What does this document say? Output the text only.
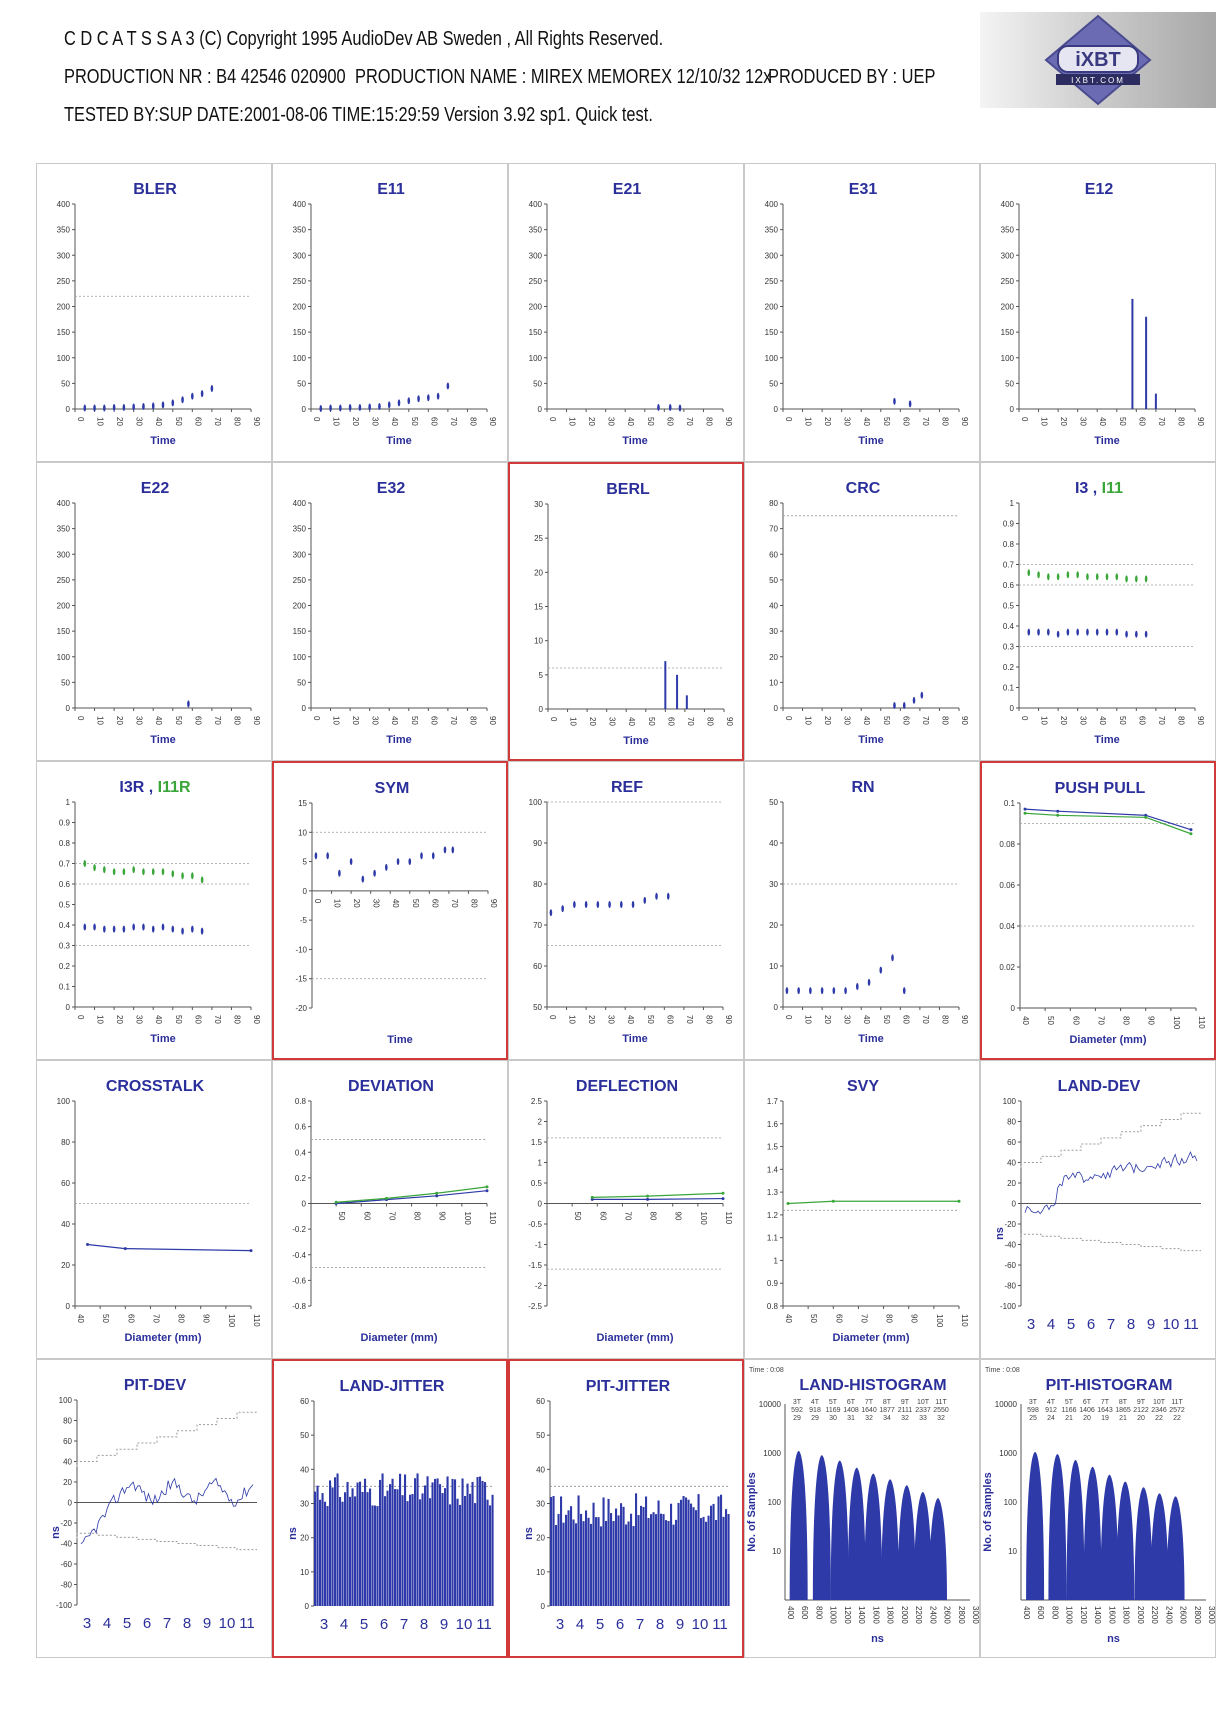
C D C A T S S A 3 (C) Copyright 1995 AudioDev AB Sweden , All Rights Reserved.
PRODUCTION NR : B4 42546 020900 PRODUCTION NAME : MIREX MEMOREX 12/10/32 12x
PRODUCED BY : UEP
TESTED BY:SUP DATE:2001-08-06 TIME:15:29:59 Version 3.92 sp1. Quick test.
iXBT
IXBT.COM
BLER
0
50
100
150
200
250
300
350
400
0 10 20 30 40 50 60 70 80 90
Time
E11
0
50
100
150
200
250
300
350
400
0 10 20 30 40 50 60 70 80 90
Time
E21
0
50
100
150
200
250
300
350
400
0 10 20 30 40 50 60 70 80 90
Time
E31
0
50
100
150
200
250
300
350
400
0 10 20 30 40 50 60 70 80 90
Time
E12
0
50
100
150
200
250
300
350
400
0 10 20 30 40 50 60 70 80 90
Time
E22
0
50
100
150
200
250
300
350
400
0 10 20 30 40 50 60 70 80 90
Time
E32
0
50
100
150
200
250
300
350
400
0 10 20 30 40 50 60 70 80 90
Time
BERL
0
5
10
15
20
25
30
0 10 20 30 40 50 60 70 80 90
Time
CRC
0
10
20
30
40
50
60
70
80
0 10 20 30 40 50 60 70 80 90
Time
I3 , I11
0
0.1
0.2
0.3
0.4
0.5
0.6
0.7
0.8
0.9
1
0 10 20 30 40 50 60 70 80 90
Time
I3R , I11R
0
0.1
0.2
0.3
0.4
0.5
0.6
0.7
0.8
0.9
1
0 10 20 30 40 50 60 70 80 90
Time
SYM
-20
-15
-10
-5
0
5
10
15
0 10 20 30 40 50 60 70 80 90
Time
REF
50
60
70
80
90
100
0 10 20 30 40 50 60 70 80 90
Time
RN
0
10
20
30
40
50
0 10 20 30 40 50 60 70 80 90
Time
PUSH PULL
0
0.02
0.04
0.06
0.08
0.1
40 50 60 70 80 90 100 110
Diameter (mm)
CROSSTALK
0
20
40
60
80
100
40 50 60 70 80 90 100 110
Diameter (mm)
DEVIATION
-0.8
-0.6
-0.4
-0.2
0
0.2
0.4
0.6
0.8
50 60 70 80 90 100 110
Diameter (mm)
DEFLECTION
-2.5
-2
-1.5
-1
-0.5
0
0.5
1
1.5
2
2.5
50 60 70 80 90 100 110
Diameter (mm)
SVY
0.8
0.9
1
1.1
1.2
1.3
1.4
1.5
1.6
1.7
40 50 60 70 80 90 100 110
Diameter (mm)
LAND-DEV
-100
-80
-60
-40
-20
0
20
40
60
80
100
ns
3 4 5 6 7 8 9 10 11
PIT-DEV
-100
-80
-60
-40
-20
0
20
40
60
80
100
ns
3 4 5 6 7 8 9 10 11
LAND-JITTER
0
10
20
30
40
50
60
ns
3 4 5 6 7 8 9 10 11
PIT-JITTER
0
10
20
30
40
50
60
ns
3 4 5 6 7 8 9 10 11
LAND-HISTOGRAM
Time : 0:08
10
100
1000
10000
No. of Samples
400 600 800 1000 1200 1400 1600 1800 2000 2200 2400 2600 2800 3000
ns
3T
592
29
4T
918
29
5T
1169
30
6T
1408
31
7T
1640
32
8T
1877
34
9T
2111
32
10T
2337
33
11T
2550
32
PIT-HISTOGRAM
Time : 0:08
10
100
1000
10000
No. of Samples
400 600 800 1000 1200 1400 1600 1800 2000 2200 2400 2600 2800 3000
ns
3T
598
25
4T
912
24
5T
1166
21
6T
1406
20
7T
1643
19
8T
1865
21
9T
2122
20
10T
2346
22
11T
2572
22
